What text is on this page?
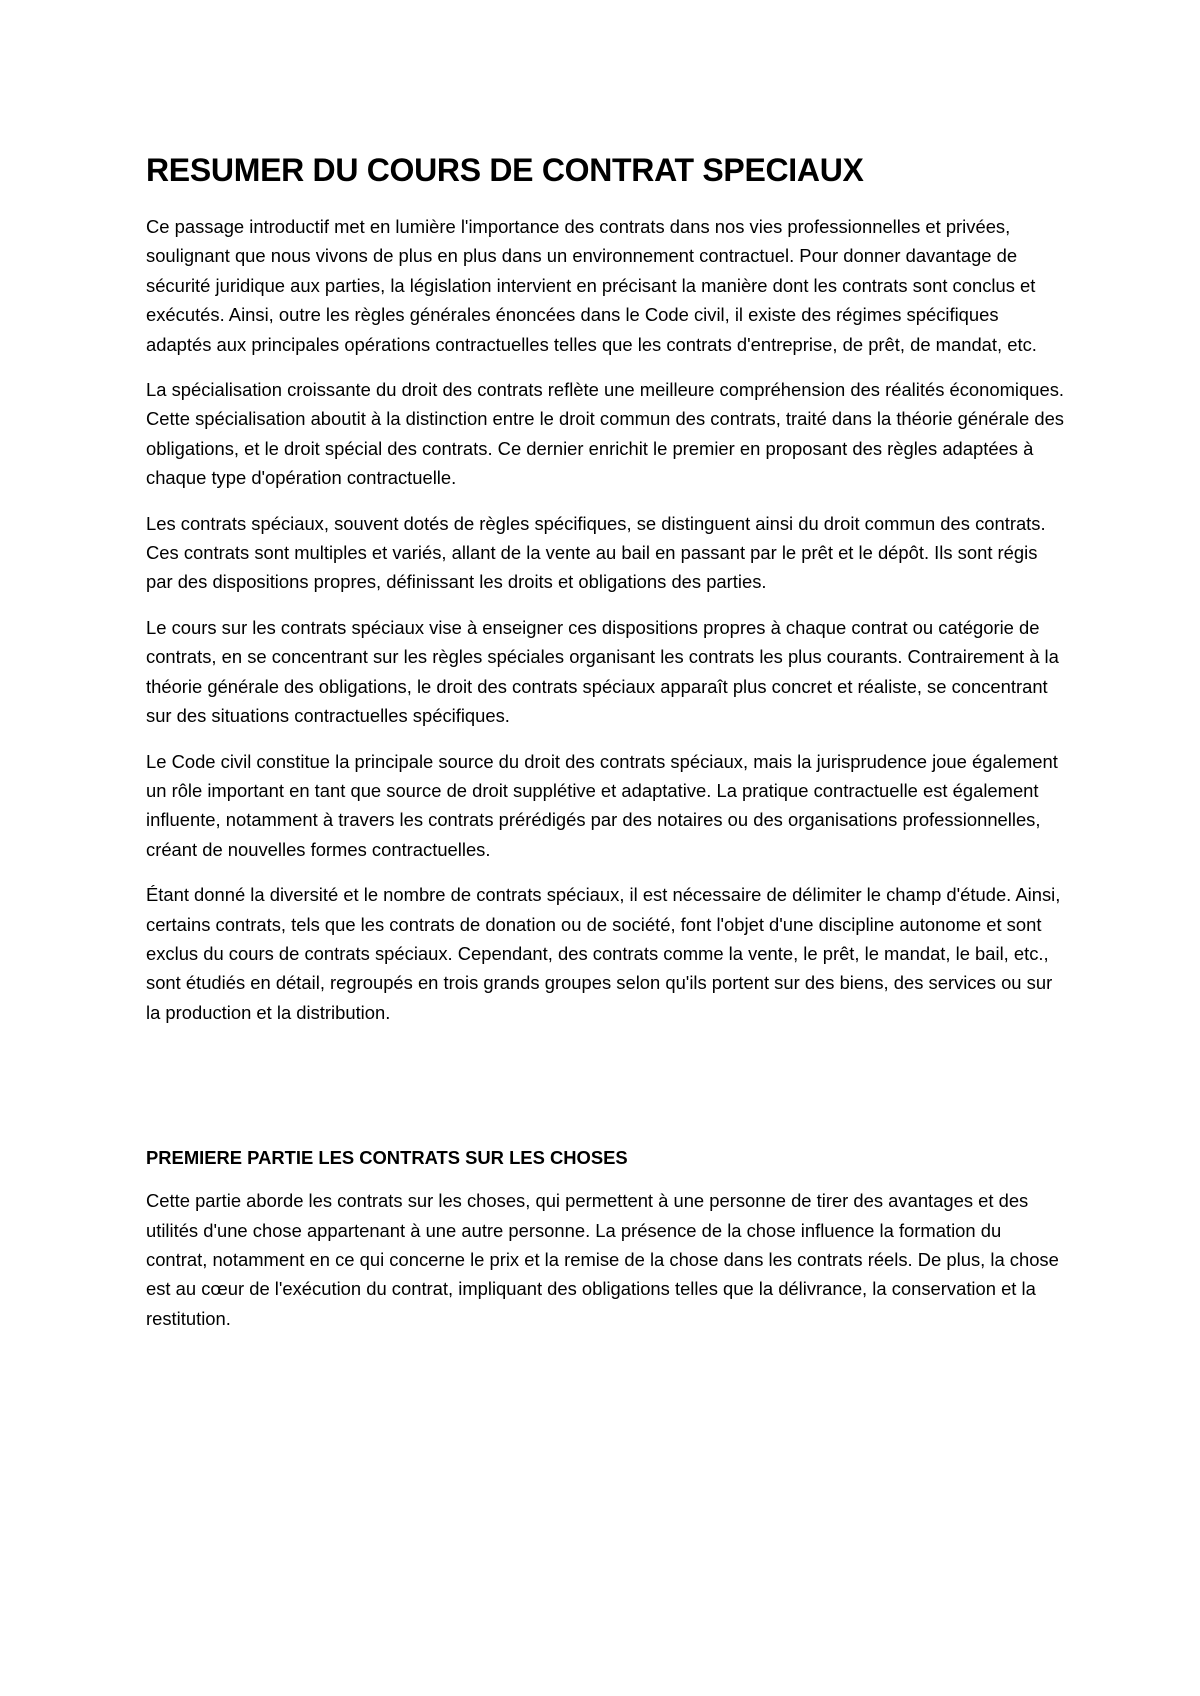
RESUMER DU COURS DE CONTRAT SPECIAUX

Ce passage introductif met en lumière l'importance des contrats dans nos vies professionnelles et privées, soulignant que nous vivons de plus en plus dans un environnement contractuel. Pour donner davantage de sécurité juridique aux parties, la législation intervient en précisant la manière dont les contrats sont conclus et exécutés. Ainsi, outre les règles générales énoncées dans le Code civil, il existe des régimes spécifiques adaptés aux principales opérations contractuelles telles que les contrats d'entreprise, de prêt, de mandat, etc.

La spécialisation croissante du droit des contrats reflète une meilleure compréhension des réalités économiques. Cette spécialisation aboutit à la distinction entre le droit commun des contrats, traité dans la théorie générale des obligations, et le droit spécial des contrats. Ce dernier enrichit le premier en proposant des règles adaptées à chaque type d'opération contractuelle.

Les contrats spéciaux, souvent dotés de règles spécifiques, se distinguent ainsi du droit commun des contrats. Ces contrats sont multiples et variés, allant de la vente au bail en passant par le prêt et le dépôt. Ils sont régis par des dispositions propres, définissant les droits et obligations des parties.

Le cours sur les contrats spéciaux vise à enseigner ces dispositions propres à chaque contrat ou catégorie de contrats, en se concentrant sur les règles spéciales organisant les contrats les plus courants. Contrairement à la théorie générale des obligations, le droit des contrats spéciaux apparaît plus concret et réaliste, se concentrant sur des situations contractuelles spécifiques.

Le Code civil constitue la principale source du droit des contrats spéciaux, mais la jurisprudence joue également un rôle important en tant que source de droit supplétive et adaptative. La pratique contractuelle est également influente, notamment à travers les contrats prérédigés par des notaires ou des organisations professionnelles, créant de nouvelles formes contractuelles.

Étant donné la diversité et le nombre de contrats spéciaux, il est nécessaire de délimiter le champ d'étude. Ainsi, certains contrats, tels que les contrats de donation ou de société, font l'objet d'une discipline autonome et sont exclus du cours de contrats spéciaux. Cependant, des contrats comme la vente, le prêt, le mandat, le bail, etc., sont étudiés en détail, regroupés en trois grands groupes selon qu'ils portent sur des biens, des services ou sur la production et la distribution.

PREMIERE PARTIE LES CONTRATS SUR LES CHOSES

Cette partie aborde les contrats sur les choses, qui permettent à une personne de tirer des avantages et des utilités d'une chose appartenant à une autre personne. La présence de la chose influence la formation du contrat, notamment en ce qui concerne le prix et la remise de la chose dans les contrats réels. De plus, la chose est au cœur de l'exécution du contrat, impliquant des obligations telles que la délivrance, la conservation et la restitution.
